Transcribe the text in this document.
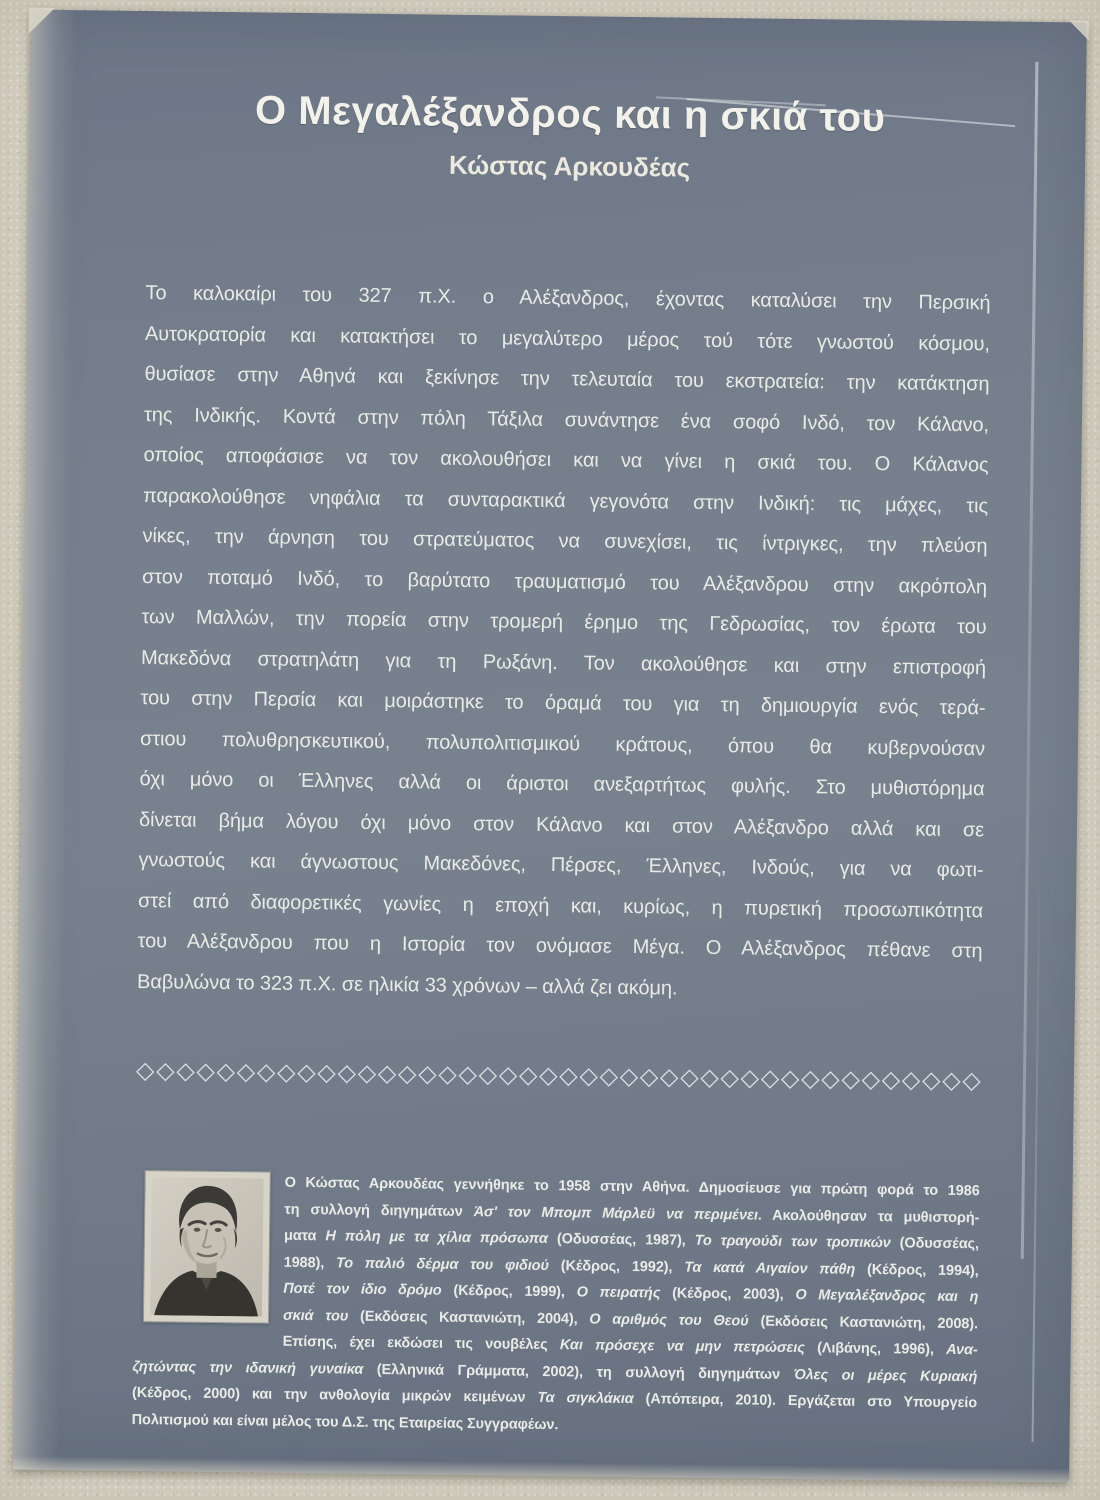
Ο Μεγαλέξανδρος και η σκιά του
Κώστας Αρκουδέας
Το καλοκαίρι του 327 π.Χ. ο Αλέξανδρος, έχοντας καταλύσει την Περσική
Αυτοκρατορία και κατακτήσει το μεγαλύτερο μέρος τού τότε γνωστού κόσμου,
θυσίασε στην Αθηνά και ξεκίνησε την τελευταία του εκστρατεία: την κατάκτηση
της Ινδικής. Κοντά στην πόλη Τάξιλα συνάντησε ένα σοφό Ινδό, τον Κάλανο,
οποίος αποφάσισε να τον ακολουθήσει και να γίνει η σκιά του. Ο Κάλανος
παρακολούθησε νηφάλια τα συνταρακτικά γεγονότα στην Ινδική: τις μάχες, τις
νίκες, την άρνηση του στρατεύματος να συνεχίσει, τις ίντριγκες, την πλεύση
στον ποταμό Ινδό, το βαρύτατο τραυματισμό του Αλέξανδρου στην ακρόπολη
των Μαλλών, την πορεία στην τρομερή έρημο της Γεδρωσίας, τον έρωτα του
Μακεδόνα στρατηλάτη για τη Ρωξάνη. Τον ακολούθησε και στην επιστροφή
του στην Περσία και μοιράστηκε το όραμά του για τη δημιουργία ενός τερά-
στιου πολυθρησκευτικού, πολυπολιτισμικού κράτους, όπου θα κυβερνούσαν
όχι μόνο οι Έλληνες αλλά οι άριστοι ανεξαρτήτως φυλής. Στο μυθιστόρημα
δίνεται βήμα λόγου όχι μόνο στον Κάλανο και στον Αλέξανδρο αλλά και σε
γνωστούς και άγνωστους Μακεδόνες, Πέρσες, Έλληνες, Ινδούς, για να φωτι-
στεί από διαφορετικές γωνίες η εποχή και, κυρίως, η πυρετική προσωπικότητα
του Αλέξανδρου που η Ιστορία τον ονόμασε Μέγα. Ο Αλέξανδρος πέθανε στη
Βαβυλώνα το 323 π.Χ. σε ηλικία 33 χρόνων – αλλά ζει ακόμη.
◇ ◇ ◇ ◇ ◇ ◇ ◇ ◇ ◇ ◇ ◇ ◇ ◇ ◇ ◇ ◇ ◇ ◇ ◇ ◇ ◇ ◇ ◇ ◇ ◇ ◇ ◇ ◇ ◇ ◇ ◇ ◇ ◇ ◇ ◇ ◇ ◇ ◇ ◇ ◇ ◇ ◇
Ο Κώστας Αρκουδέας γεννήθηκε το 1958 στην Αθήνα. Δημοσίευσε για πρώτη φορά το 1986
τη συλλογή διηγημάτων Άσ' τον Μπομπ Μάρλεϋ να περιμένει. Ακολούθησαν τα μυθιστορή-
ματα Η πόλη με τα χίλια πρόσωπα (Οδυσσέας, 1987), Το τραγούδι των τροπικών (Οδυσσέας,
1988), Το παλιό δέρμα του φιδιού (Κέδρος, 1992), Τα κατά Αιγαίον πάθη (Κέδρος, 1994),
Ποτέ τον ίδιο δρόμο (Κέδρος, 1999), Ο πειρατής (Κέδρος, 2003), Ο Μεγαλέξανδρος και η
σκιά του (Εκδόσεις Καστανιώτη, 2004), Ο αριθμός του Θεού (Εκδόσεις Καστανιώτη, 2008).
Επίσης, έχει εκδώσει τις νουβέλες Και πρόσεχε να μην πετρώσεις (Λιβάνης, 1996), Ανα-
ζητώντας την ιδανική γυναίκα (Ελληνικά Γράμματα, 2002), τη συλλογή διηγημάτων Όλες οι μέρες Κυριακή
(Κέδρος, 2000) και την ανθολογία μικρών κειμένων Τα σιγκλάκια (Απόπειρα, 2010). Εργάζεται στο Υπουργείο
Πολιτισμού και είναι μέλος του Δ.Σ. της Εταιρείας Συγγραφέων.
